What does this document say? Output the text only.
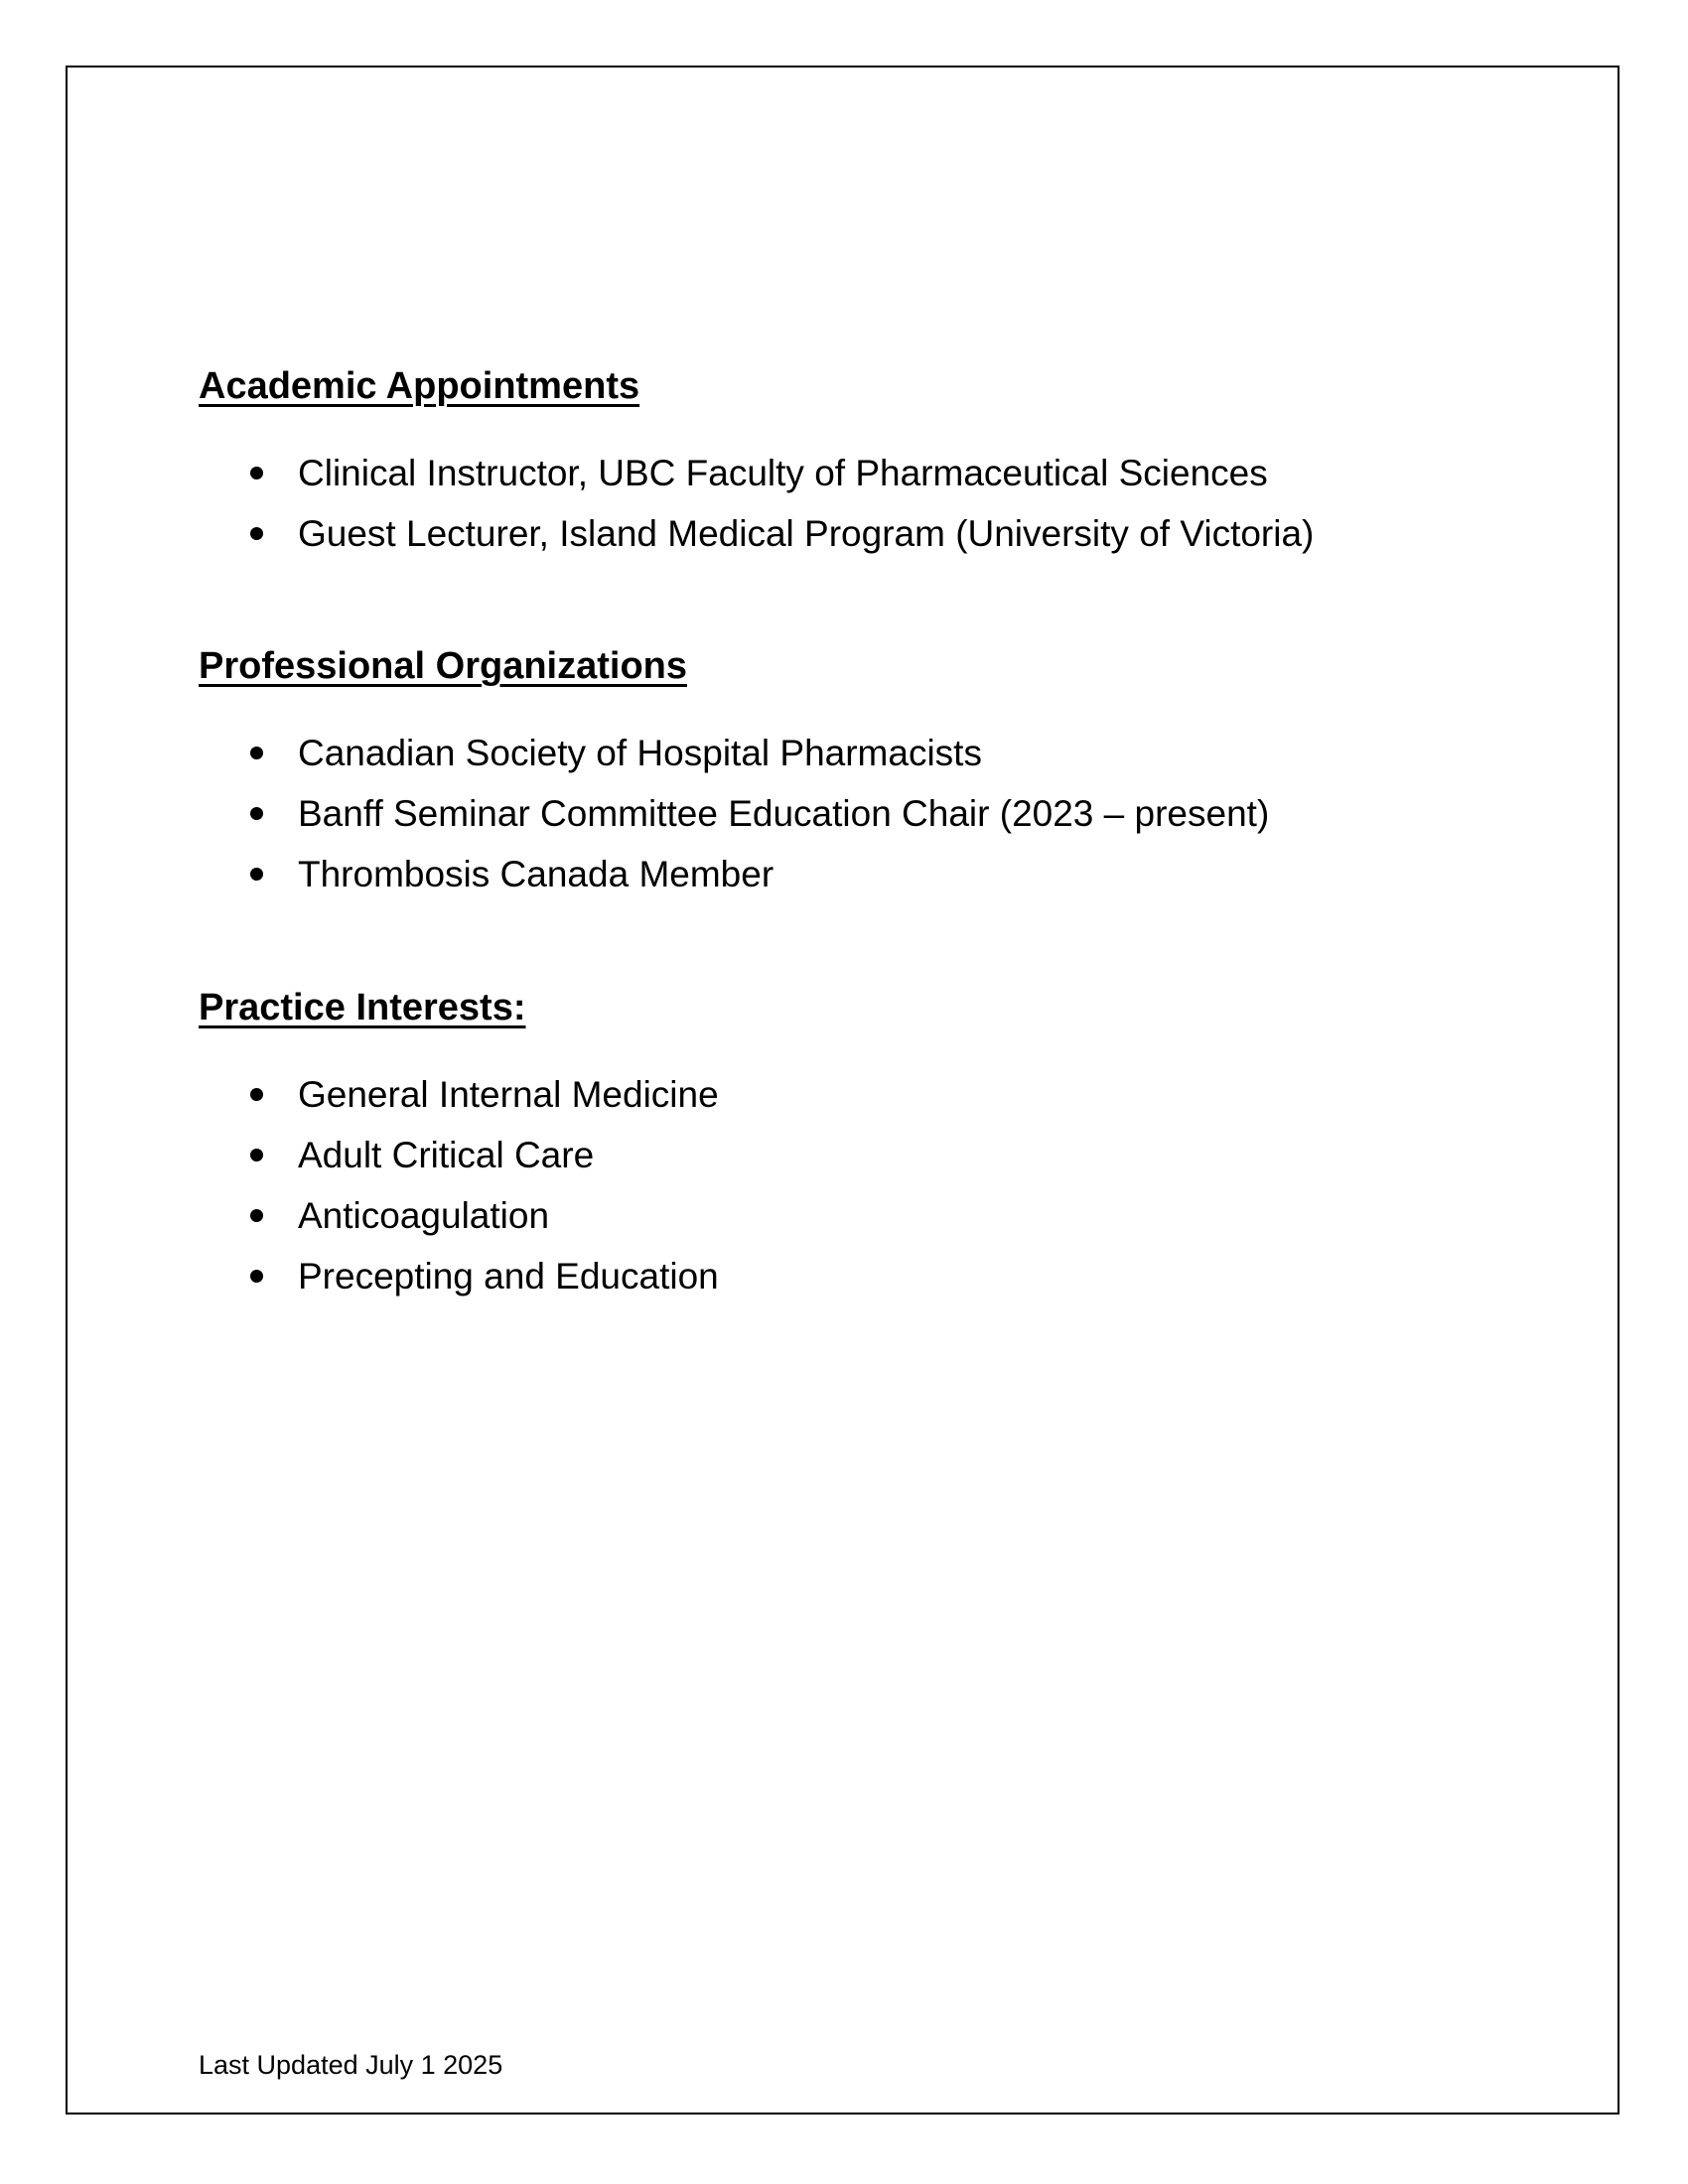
Academic Appointments
Clinical Instructor, UBC Faculty of Pharmaceutical Sciences
Guest Lecturer, Island Medical Program (University of Victoria)
Professional Organizations
Canadian Society of Hospital Pharmacists
Banff Seminar Committee Education Chair (2023 – present)
Thrombosis Canada Member
Practice Interests:
General Internal Medicine
Adult Critical Care
Anticoagulation
Precepting and Education
Last Updated July 1 2025
